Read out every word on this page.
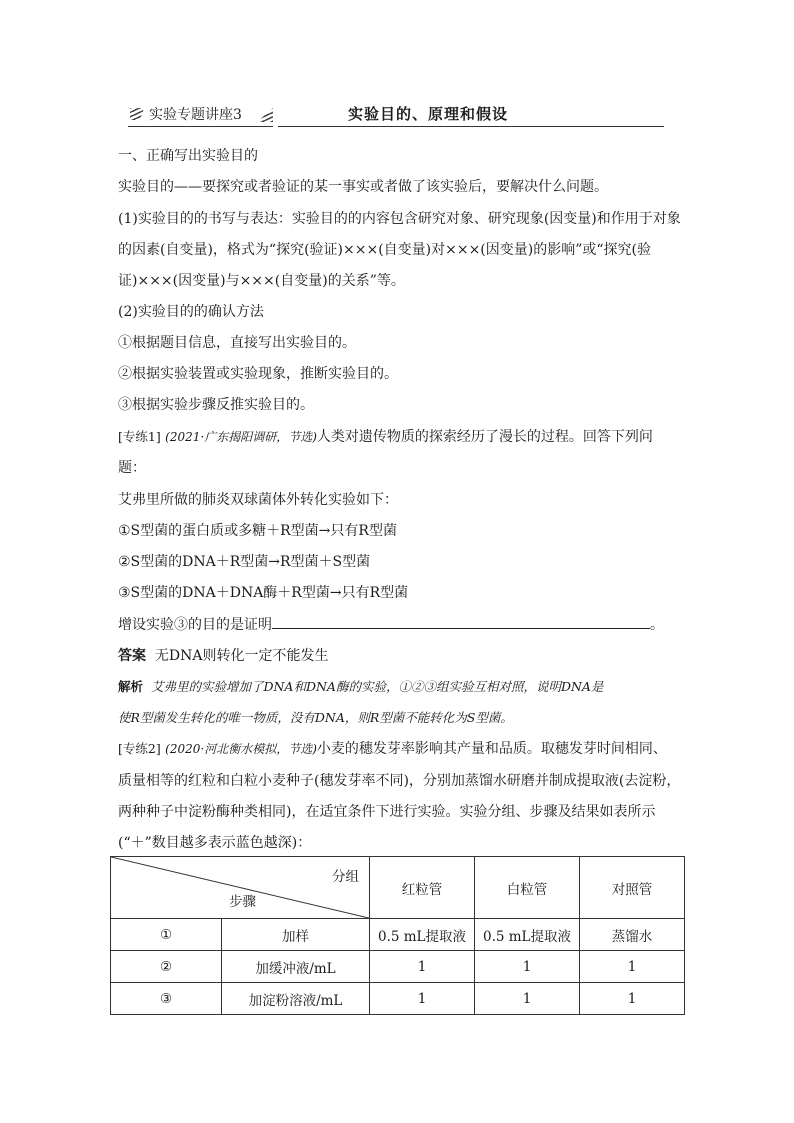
实验专题讲座3	实验目的、原理和假设
一、正确写出实验目的
实验目的——要探究或者验证的某一事实或者做了该实验后，要解决什么问题。
(1)实验目的的书写与表达：实验目的的内容包含研究对象、研究现象(因变量)和作用于对象
的因素(自变量)，格式为“探究(验证)×××(自变量)对×××(因变量)的影响”或“探究(验
证)×××(因变量)与×××(自变量)的关系”等。
(2)实验目的的确认方法
①根据题目信息，直接写出实验目的。
②根据实验装置或实验现象，推断实验目的。
③根据实验步骤反推实验目的。
[专练1] (2021·广东揭阳调研，节选)人类对遗传物质的探索经历了漫长的过程。回答下列问
题：
艾弗里所做的肺炎双球菌体外转化实验如下：
①S型菌的蛋白质或多糖＋R型菌→只有R型菌
②S型菌的DNA＋R型菌→R型菌＋S型菌
③S型菌的DNA＋DNA酶＋R型菌→只有R型菌
增设实验③的目的是证明	。
答案 无DNA则转化一定不能发生
解析 艾弗里的实验增加了DNA和DNA酶的实验，①②③组实验互相对照，说明DNA是
使R型菌发生转化的唯一物质，没有DNA，则R型菌不能转化为S型菌。
[专练2] (2020·河北衡水模拟，节选)小麦的穗发芽率影响其产量和品质。取穗发芽时间相同、
质量相等的红粒和白粒小麦种子(穗发芽率不同)，分别加蒸馏水研磨并制成提取液(去淀粉，
两种种子中淀粉酶种类相同)，在适宜条件下进行实验。实验分组、步骤及结果如表所示
(“＋”数目越多表示蓝色越深)：
分组
步骤		红粒管	白粒管	对照管
①	加样	0.5 mL提取液	0.5 mL提取液	蒸馏水
②	加缓冲液/mL	1	1	1
③	加淀粉溶液/mL	1	1	1
